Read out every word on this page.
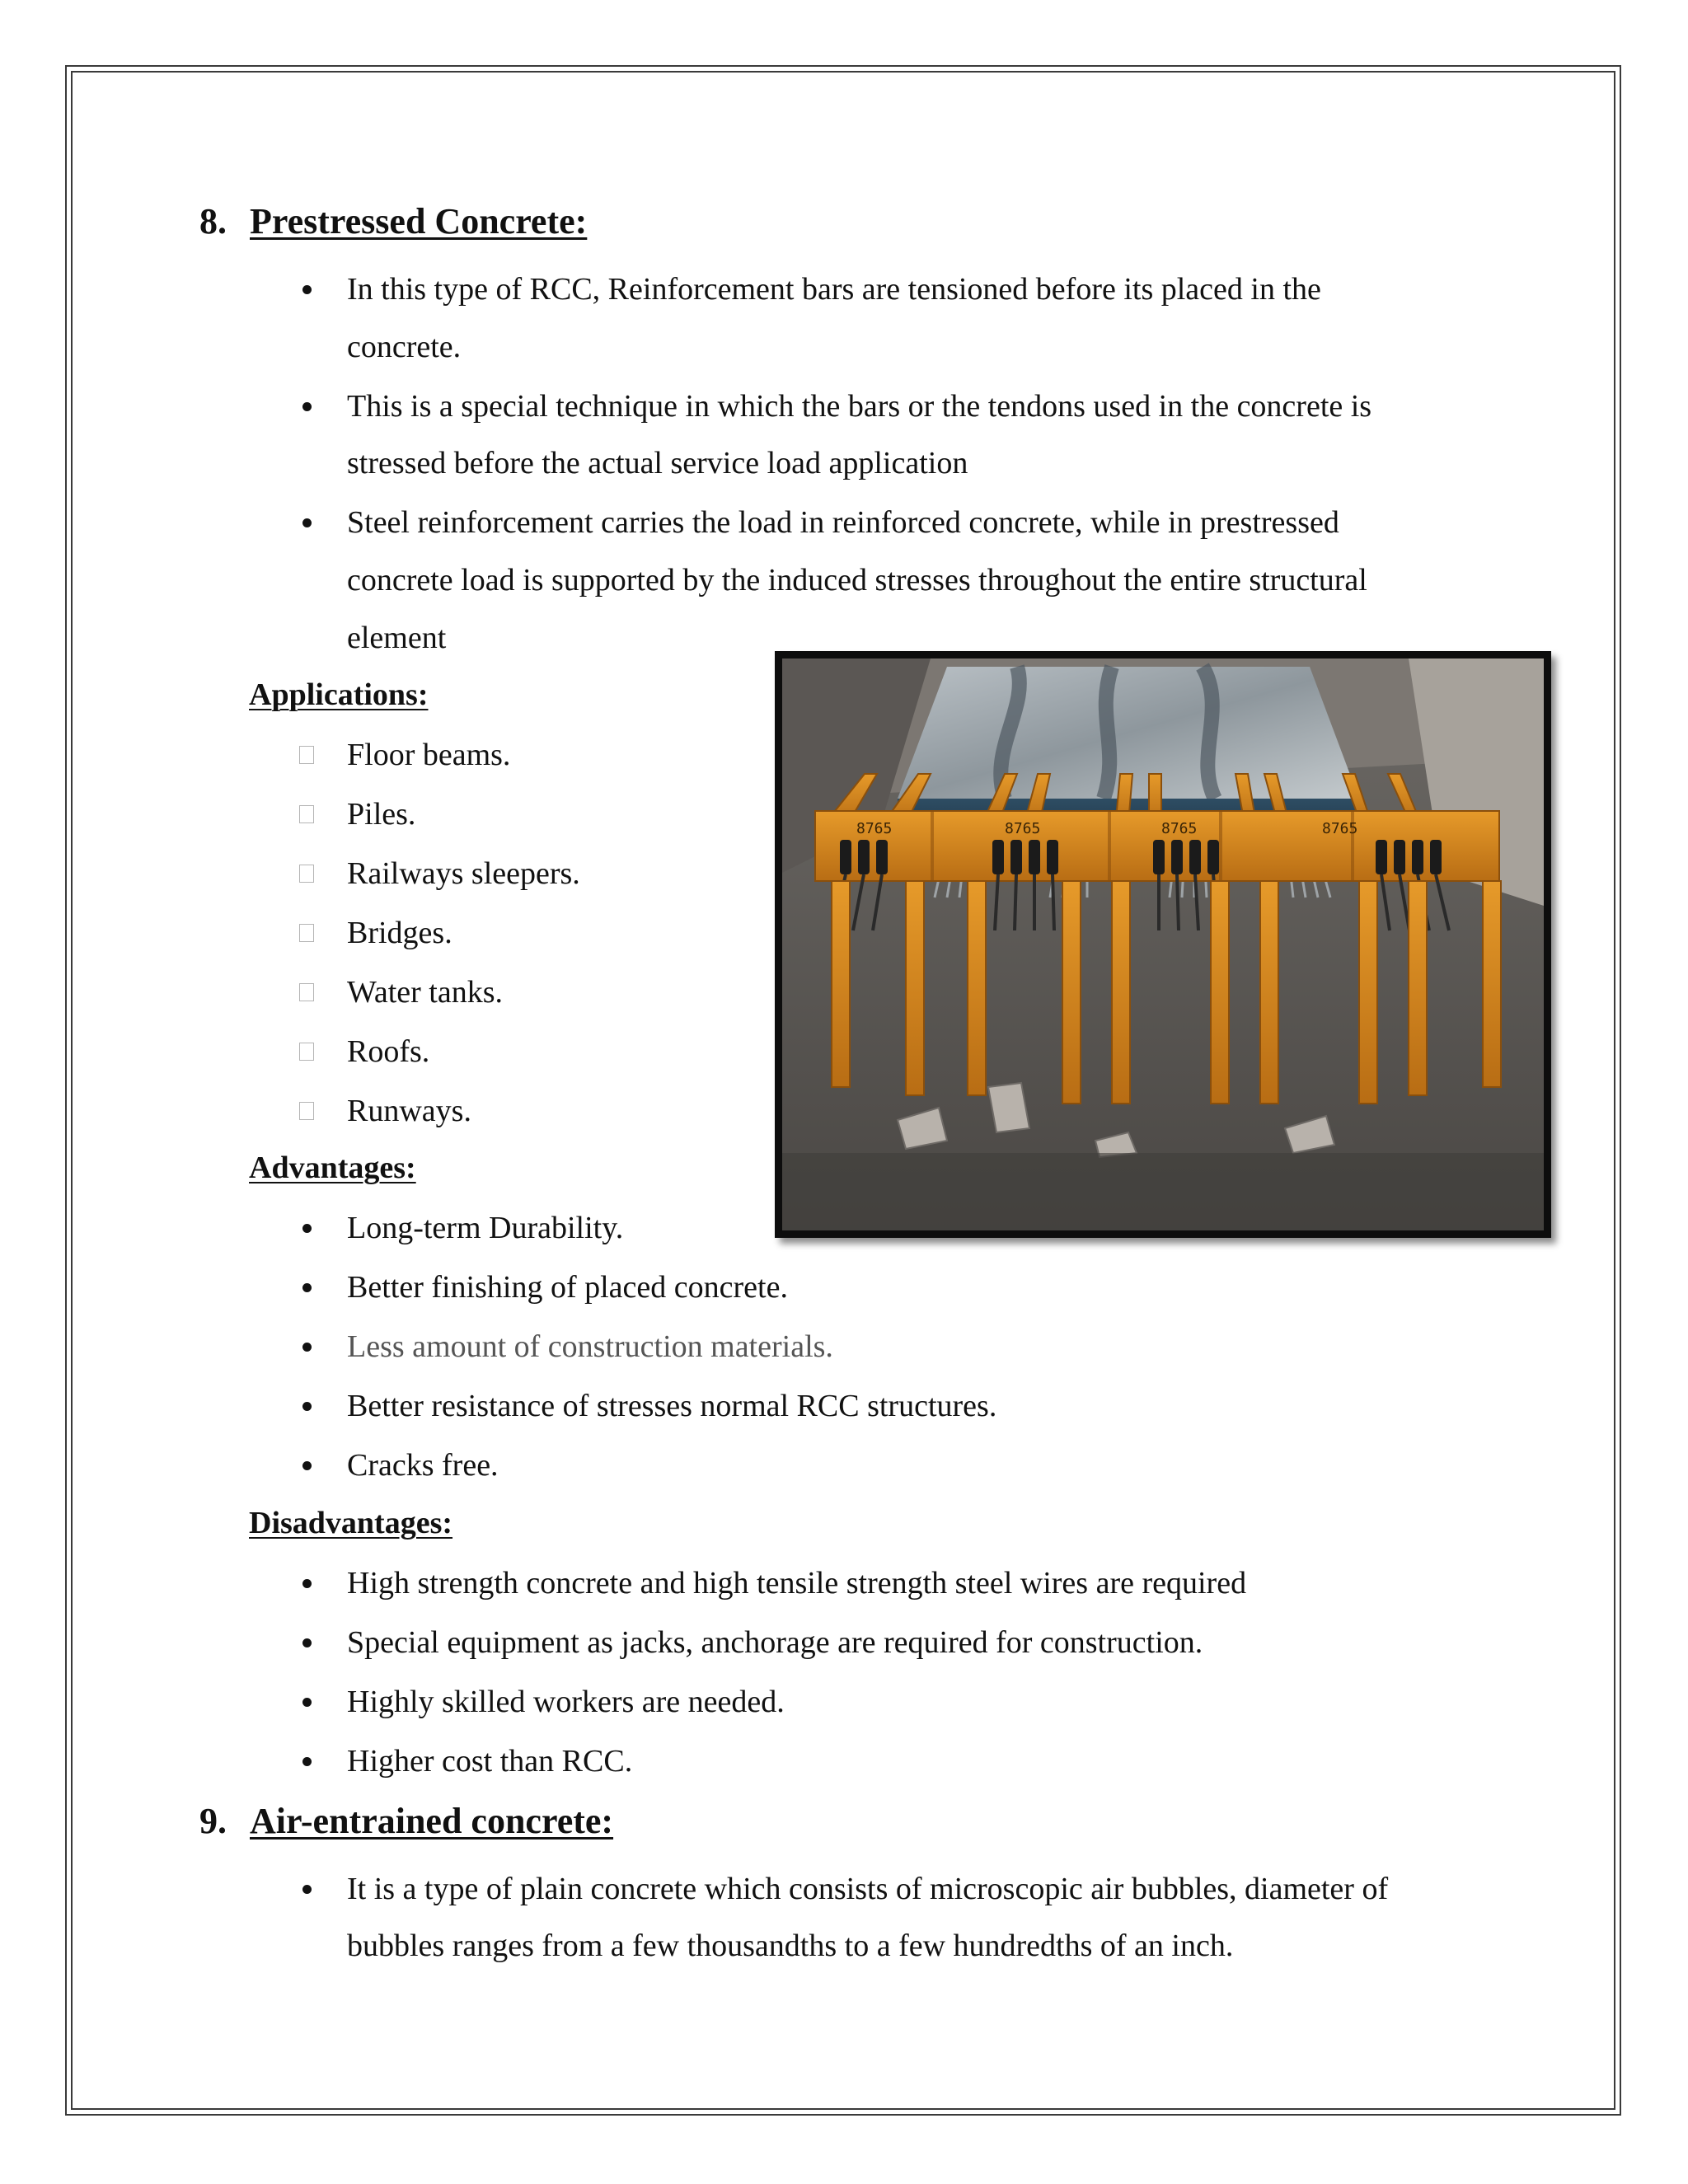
8. Prestressed Concrete:
In this type of RCC, Reinforcement bars are tensioned before its placed in the
concrete.
This is a special technique in which the bars or the tendons used in the concrete is
stressed before the actual service load application
Steel reinforcement carries the load in reinforced concrete, while in prestressed
concrete load is supported by the induced stresses throughout the entire structural
element
Applications:
Floor beams.
Piles.
Railways sleepers.
Bridges.
Water tanks.
Roofs.
Runways.
Advantages:
Long-term Durability.
Better finishing of placed concrete.
Less amount of construction materials.
Better resistance of stresses normal RCC structures.
Cracks free.
Disadvantages:
High strength concrete and high tensile strength steel wires are required
Special equipment as jacks, anchorage are required for construction.
Highly skilled workers are needed.
Higher cost than RCC.
9. Air-entrained concrete:
It is a type of plain concrete which consists of microscopic air bubbles, diameter of
bubbles ranges from a few thousandths to a few hundredths of an inch.
8765	8765	8765	8765
